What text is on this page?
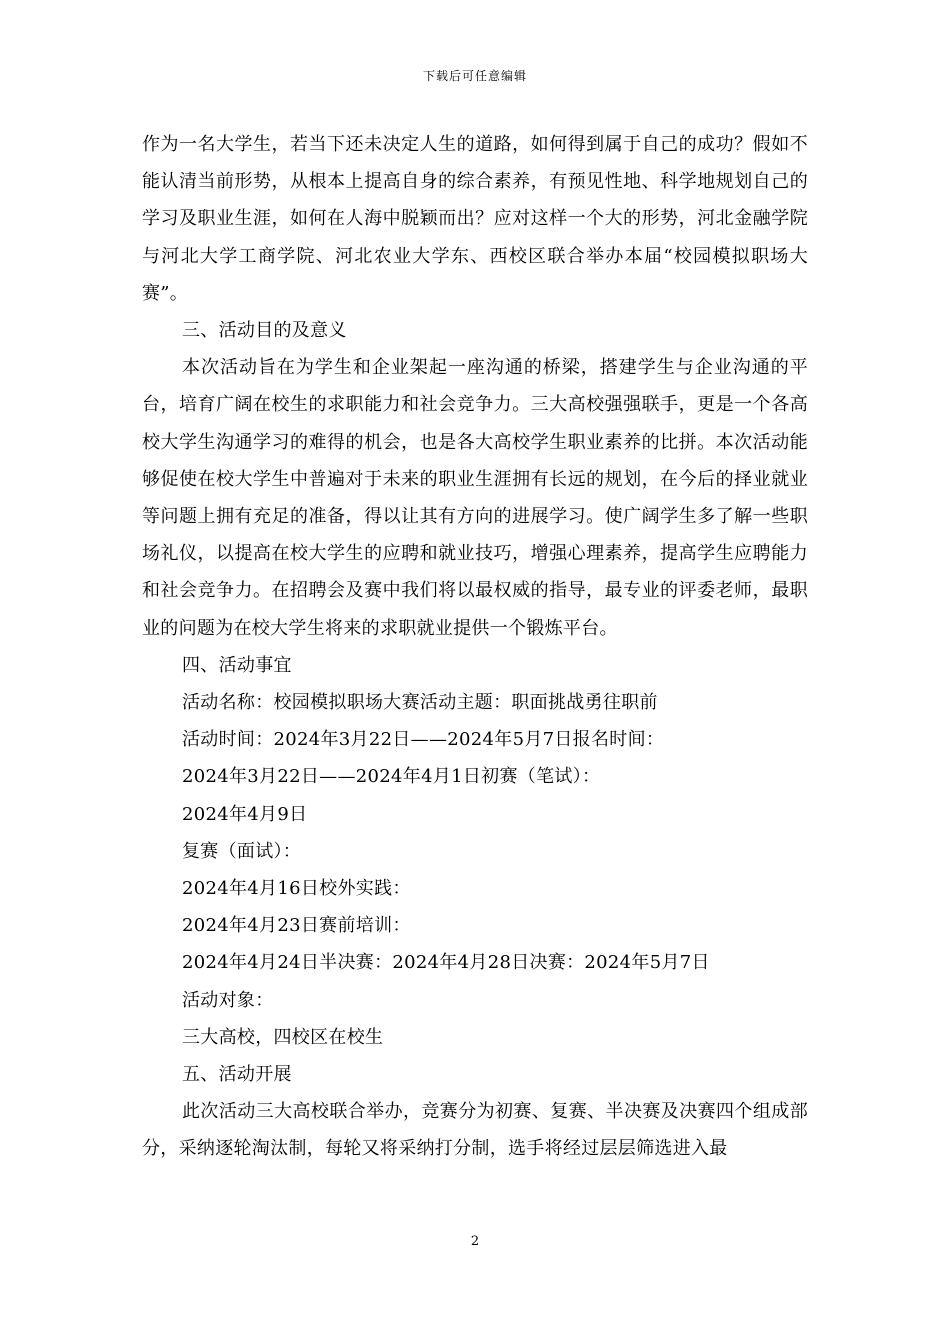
下载后可任意编辑

作为一名大学生，若当下还未决定人生的道路，如何得到属于自己的成功？假如不能认清当前形势，从根本上提高自身的综合素养，有预见性地、科学地规划自己的学习及职业生涯，如何在人海中脱颖而出？应对这样一个大的形势，河北金融学院与河北大学工商学院、河北农业大学东、西校区联合举办本届“校园模拟职场大赛”。

三、活动目的及意义

本次活动旨在为学生和企业架起一座沟通的桥梁，搭建学生与企业沟通的平台，培育广阔在校生的求职能力和社会竞争力。三大高校强强联手，更是一个各高校大学生沟通学习的难得的机会，也是各大高校学生职业素养的比拼。本次活动能够促使在校大学生中普遍对于未来的职业生涯拥有长远的规划，在今后的择业就业等问题上拥有充足的准备，得以让其有方向的进展学习。使广阔学生多了解一些职场礼仪，以提高在校大学生的应聘和就业技巧，增强心理素养，提高学生应聘能力和社会竞争力。在招聘会及赛中我们将以最权威的指导，最专业的评委老师，最职业的问题为在校大学生将来的求职就业提供一个锻炼平台。

四、活动事宜

活动名称：校园模拟职场大赛活动主题：职面挑战勇往职前

活动时间：2024年3月22日——2024年5月7日报名时间：

2024年3月22日——2024年4月1日初赛（笔试）：

2024年4月9日

复赛（面试）：

2024年4月16日校外实践：

2024年4月23日赛前培训：

2024年4月24日半决赛：2024年4月28日决赛：2024年5月7日

活动对象：

三大高校，四校区在校生

五、活动开展

此次活动三大高校联合举办，竞赛分为初赛、复赛、半决赛及决赛四个组成部分，采纳逐轮淘汰制，每轮又将采纳打分制，选手将经过层层筛选进入最

2
